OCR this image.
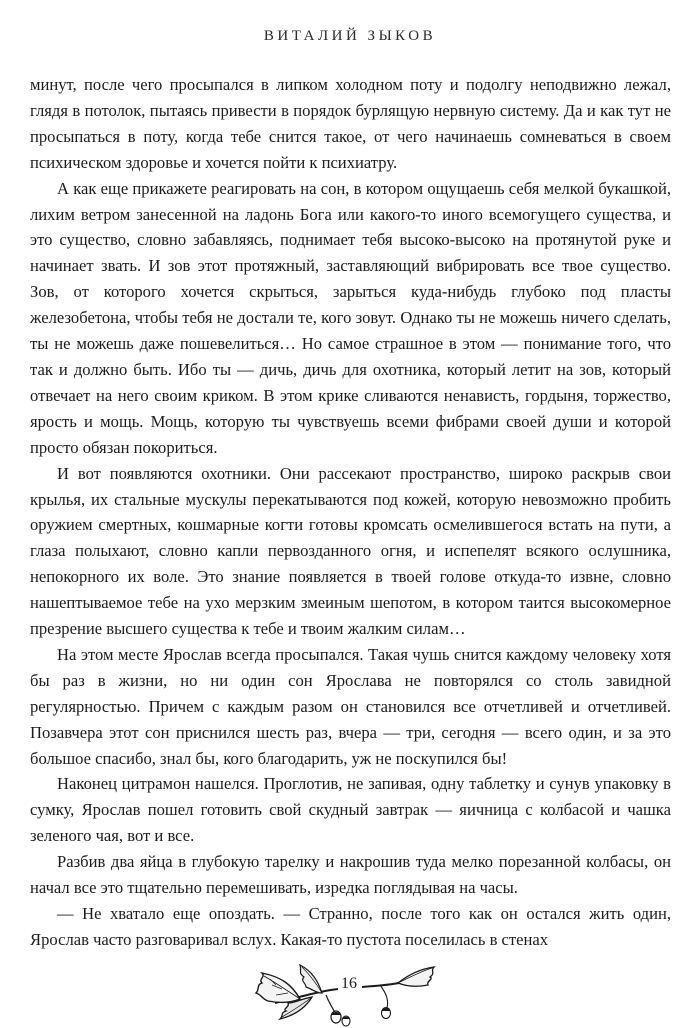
ВИТАЛИЙ ЗЫКОВ

минут, после чего просыпался в липком холодном поту и подолгу неподвижно лежал, глядя в потолок, пытаясь привести в порядок бурлящую нервную систему. Да и как тут не просыпаться в поту, когда тебе снится такое, от чего начинаешь сомневаться в своем психическом здоровье и хочется пойти к психиатру.

А как еще прикажете реагировать на сон, в котором ощущаешь себя мелкой букашкой, лихим ветром занесенной на ладонь Бога или какого-то иного всемогущего существа, и это существо, словно забавляясь, поднимает тебя высоко-высоко на протянутой руке и начинает звать. И зов этот протяжный, заставляющий вибрировать все твое существо. Зов, от которого хочется скрыться, зарыться куда-нибудь глубоко под пласты железобетона, чтобы тебя не достали те, кого зовут. Однако ты не можешь ничего сделать, ты не можешь даже пошевелиться… Но самое страшное в этом — понимание того, что так и должно быть. Ибо ты — дичь, дичь для охотника, который летит на зов, который отвечает на него своим криком. В этом крике сливаются ненависть, гордыня, торжество, ярость и мощь. Мощь, которую ты чувствуешь всеми фибрами своей души и которой просто обязан покориться.

И вот появляются охотники. Они рассекают пространство, широко раскрыв свои крылья, их стальные мускулы перекатываются под кожей, которую невозможно пробить оружием смертных, кошмарные когти готовы кромсать осмелившегося встать на пути, а глаза полыхают, словно капли первозданного огня, и испепелят всякого ослушника, непокорного их воле. Это знание появляется в твоей голове откуда-то извне, словно нашептываемое тебе на ухо мерзким змеиным шепотом, в котором таится высокомерное презрение высшего существа к тебе и твоим жалким силам…

На этом месте Ярослав всегда просыпался. Такая чушь снится каждому человеку хотя бы раз в жизни, но ни один сон Ярослава не повторялся со столь завидной регулярностью. Причем с каждым разом он становился все отчетливей и отчетливей. Позавчера этот сон приснился шесть раз, вчера — три, сегодня — всего один, и за это большое спасибо, знал бы, кого благодарить, уж не поскупился бы!

Наконец цитрамон нашелся. Проглотив, не запивая, одну таблетку и сунув упаковку в сумку, Ярослав пошел готовить свой скудный завтрак — яичница с колбасой и чашка зеленого чая, вот и все.

Разбив два яйца в глубокую тарелку и накрошив туда мелко порезанной колбасы, он начал все это тщательно перемешивать, изредка поглядывая на часы.

— Не хватало еще опоздать. — Странно, после того как он остался жить один, Ярослав часто разговаривал вслух. Какая-то пустота поселилась в стенах

16
